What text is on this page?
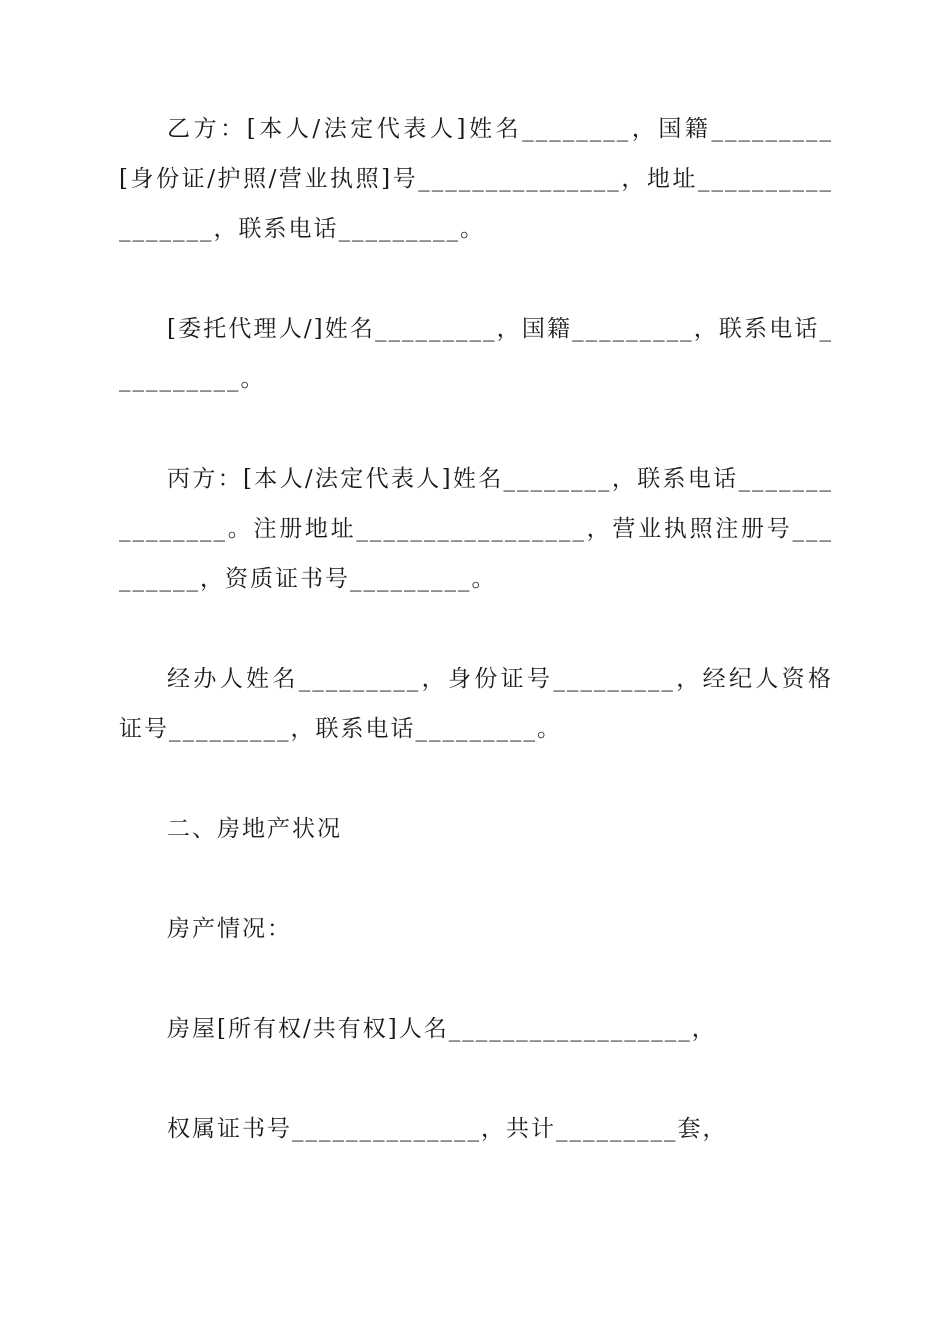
乙方：[本人/法定代表人]姓名________，国籍_________[身份证/护照/营业执照]号_______________，地址_________________，联系电话_________。

[委托代理人/]姓名_________，国籍_________，联系电话__________。

丙方：[本人/法定代表人]姓名________，联系电话_______________。注册地址_________________，营业执照注册号_________，资质证书号_________。

经办人姓名_________，身份证号_________，经纪人资格证号_________，联系电话_________。

二、房地产状况

房产情况：

房屋[所有权/共有权]人名__________________，

权属证书号______________，共计_________套，
